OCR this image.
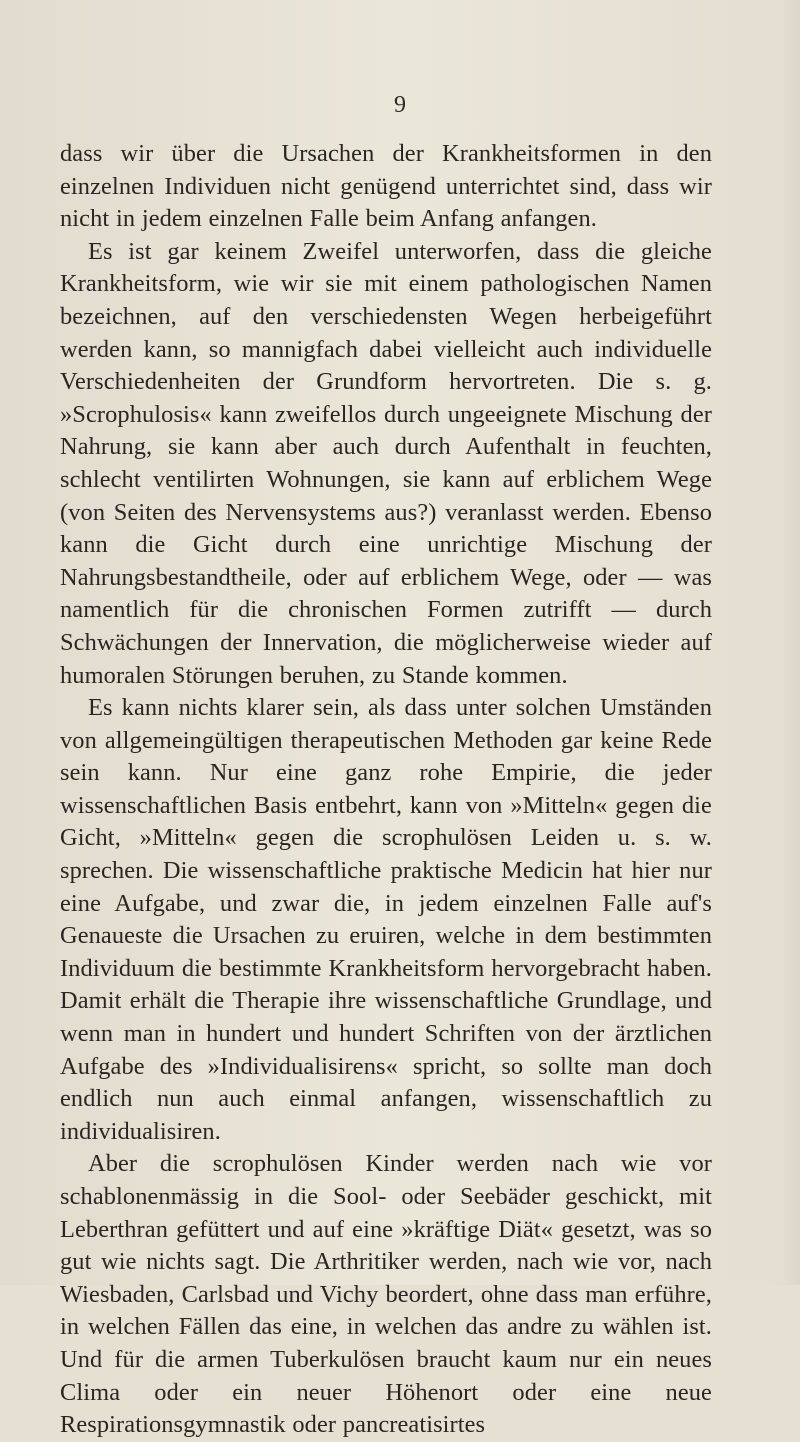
9

dass wir über die Ursachen der Krankheitsformen in den einzelnen Individuen nicht genügend unterrichtet sind, dass wir nicht in jedem einzelnen Falle beim Anfang anfangen.

Es ist gar keinem Zweifel unterworfen, dass die gleiche Krankheitsform, wie wir sie mit einem pathologischen Namen bezeichnen, auf den verschiedensten Wegen herbeigeführt werden kann, so mannigfach dabei vielleicht auch individuelle Verschiedenheiten der Grundform hervortreten. Die s. g. »Scrophulosis« kann zweifellos durch ungeeignete Mischung der Nahrung, sie kann aber auch durch Aufenthalt in feuchten, schlecht ventilirten Wohnungen, sie kann auf erblichem Wege (von Seiten des Nervensystems aus?) veranlasst werden. Ebenso kann die Gicht durch eine unrichtige Mischung der Nahrungsbestandtheile, oder auf erblichem Wege, oder — was namentlich für die chronischen Formen zutrifft — durch Schwächungen der Innervation, die möglicherweise wieder auf humoralen Störungen beruhen, zu Stande kommen.

Es kann nichts klarer sein, als dass unter solchen Umständen von allgemeingültigen therapeutischen Methoden gar keine Rede sein kann. Nur eine ganz rohe Empirie, die jeder wissenschaftlichen Basis entbehrt, kann von »Mitteln« gegen die Gicht, »Mitteln« gegen die scrophulösen Leiden u. s. w. sprechen. Die wissenschaftliche praktische Medicin hat hier nur eine Aufgabe, und zwar die, in jedem einzelnen Falle auf's Genaueste die Ursachen zu eruiren, welche in dem bestimmten Individuum die bestimmte Krankheitsform hervorgebracht haben. Damit erhält die Therapie ihre wissenschaftliche Grundlage, und wenn man in hundert und hundert Schriften von der ärztlichen Aufgabe des »Individualisirens« spricht, so sollte man doch endlich nun auch einmal anfangen, wissenschaftlich zu individualisiren.

Aber die scrophulösen Kinder werden nach wie vor schablonenmässig in die Sool- oder Seebäder geschickt, mit Leberthran gefüttert und auf eine »kräftige Diät« gesetzt, was so gut wie nichts sagt. Die Arthritiker werden, nach wie vor, nach Wiesbaden, Carlsbad und Vichy beordert, ohne dass man erführe, in welchen Fällen das eine, in welchen das andre zu wählen ist. Und für die armen Tuberkulösen braucht kaum nur ein neues Clima oder ein neuer Höhenort oder eine neue Respirationsgymnastik oder pancreatisirtes
